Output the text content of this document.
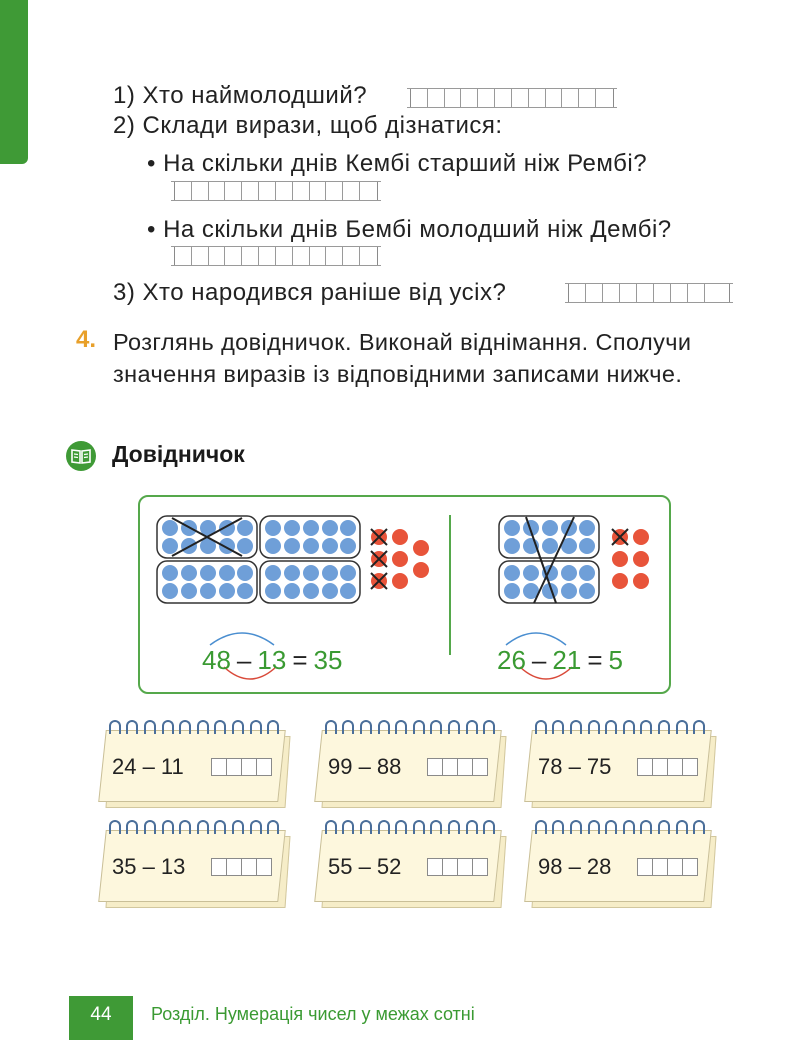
1) Хто наймолодший?
2) Склади вирази, щоб дізнатися:
• На скільки днів Кембі старший ніж Рембі?
• На скільки днів Бембі молодший ніж Дембі?
3) Хто народився раніше від усіх?
4. Розглянь довідничок. Виконай віднімання. Сполучи значення виразів із відповідними записами нижче.
Довідничок
48 – 13 = 35	26 – 21 = 5
24 – 11	99 – 88	78 – 75
35 – 13	55 – 52	98 – 28
44	Розділ. Нумерація чисел у межах сотні
